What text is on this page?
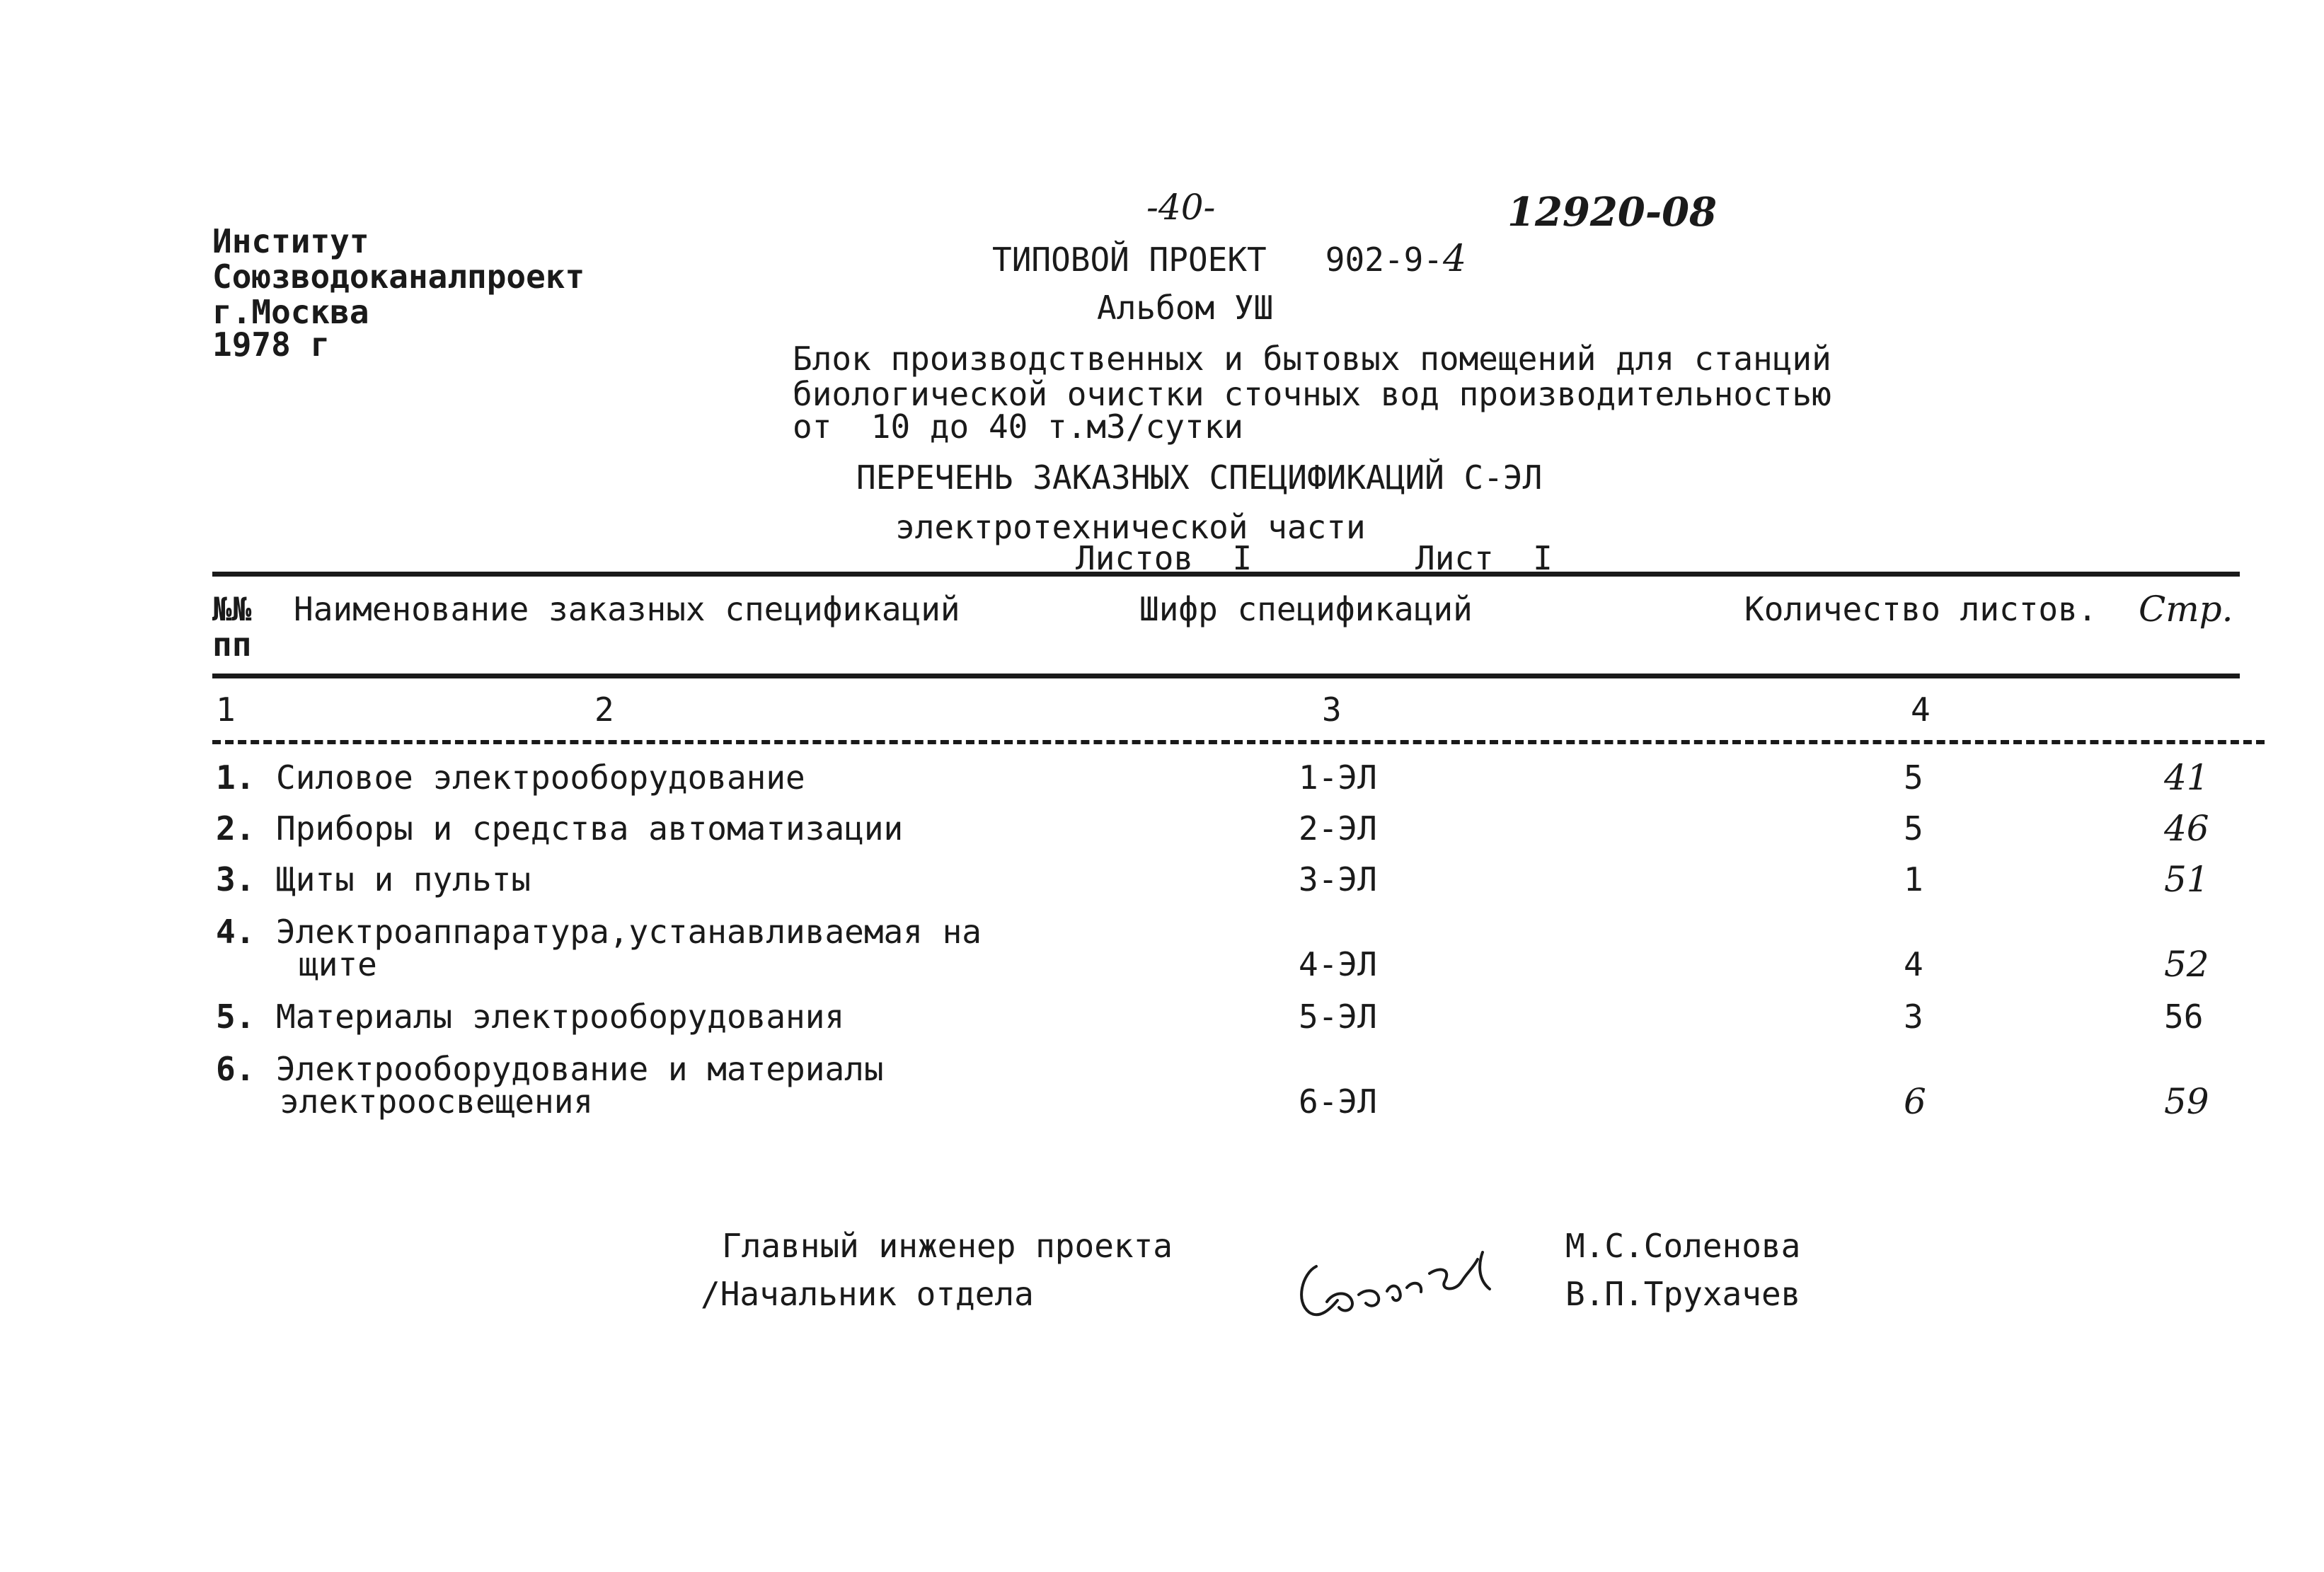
Институт
Союзводоканалпроект
г.Москва
1978 г
-40-	12920-08
ТИПОВОЙ ПРОЕКТ   902-9-4
Альбом УШ
Блок производственных и бытовых помещений для станций
биологической очистки сточных вод производительностью
от  10 до 40 т.м3/сутки
ПЕРЕЧЕНЬ ЗАКАЗНЫХ СПЕЦИФИКАЦИЙ С-ЭЛ
электротехнической части
Листов  I	Лист  I
№№
пп
Наименование заказных спецификаций	Шифр спецификаций	Количество листов. Стр.
1	2	3	4
1. Силовое электрооборудование	1-ЭЛ	5	41
2. Приборы и средства автоматизации	2-ЭЛ	5	46
3. Щиты и пульты	3-ЭЛ	1	51
4. Электроаппаратура,устанавливаемая на
щите	4-ЭЛ	4	52
5. Материалы электрооборудования	5-ЭЛ	3	56
6. Электрооборудование и материалы
электроосвещения	6-ЭЛ	6	59
Главный инженер проекта
/Начальник отдела
М.С.Соленова
В.П.Трухачев
